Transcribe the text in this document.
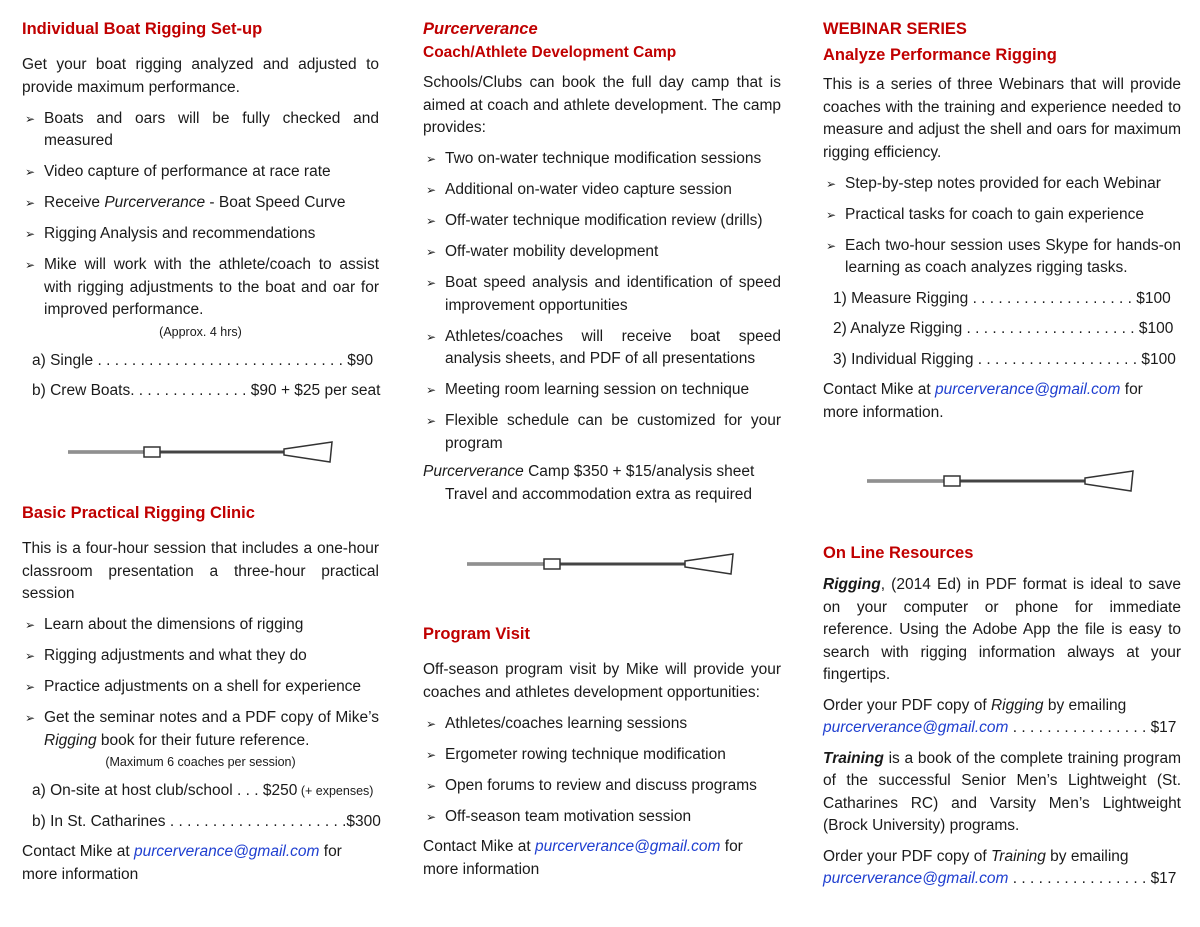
Individual Boat Rigging Set-up

Get your boat rigging analyzed and adjusted to provide maximum performance.

➢ Boats and oars will be fully checked and measured
➢ Video capture of performance at race rate
➢ Receive Purcerverance - Boat Speed Curve
➢ Rigging Analysis and recommendations
➢ Mike will work with the athlete/coach to assist with rigging adjustments to the boat and oar for improved performance.
(Approx. 4 hrs)
a) Single . . . . . . . . . . . . . . . . . . . . . . . . . . . . . $90
b) Crew Boats. . . . . . . . . . . . . . $90 + $25 per seat
Basic Practical Rigging Clinic

This is a four-hour session that includes a one-hour classroom presentation a three-hour practical session

➢ Learn about the dimensions of rigging
➢ Rigging adjustments and what they do
➢ Practice adjustments on a shell for experience
➢ Get the seminar notes and a PDF copy of Mike’s Rigging book for their future reference.
(Maximum 6 coaches per session)
a) On-site at host club/school . . . $250 (+ expenses)
b) In St. Catharines . . . . . . . . . . . . . . . . . . . . .$300

Contact Mike at purcerverance@gmail.com for
more information

Purcerverance
Coach/Athlete Development Camp

Schools/Clubs can book the full day camp that is aimed at coach and athlete development. The camp provides:

➢ Two on-water technique modification sessions
➢ Additional on-water video capture session
➢ Off-water technique modification review (drills)
➢ Off-water mobility development
➢ Boat speed analysis and identification of speed improvement opportunities
➢ Athletes/coaches will receive boat speed analysis sheets, and PDF of all presentations
➢ Meeting room learning session on technique
➢ Flexible schedule can be customized for your program

Purcerverance Camp $350 + $15/analysis sheet

Travel and accommodation extra as required

Program Visit

Off-season program visit by Mike will provide your coaches and athletes development opportunities:

➢ Athletes/coaches learning sessions
➢ Ergometer rowing technique modification
➢ Open forums to review and discuss programs
➢ Off-season team motivation session

Contact Mike at purcerverance@gmail.com for
more information

WEBINAR SERIES
Analyze Performance Rigging

This is a series of three Webinars that will provide coaches with the training and experience needed to measure and adjust the shell and oars for maximum rigging efficiency.

➢ Step-by-step notes provided for each Webinar
➢ Practical tasks for coach to gain experience
➢ Each two-hour session uses Skype for hands-on learning as coach analyzes rigging tasks.
1) Measure Rigging . . . . . . . . . . . . . . . . . . . $100
2) Analyze Rigging . . . . . . . . . . . . . . . . . . . . $100
3) Individual Rigging . . . . . . . . . . . . . . . . . . . $100

Contact Mike at purcerverance@gmail.com for
more information.

On Line Resources

Rigging, (2014 Ed) in PDF format is ideal to save on your computer or phone for immediate reference. Using the Adobe App the file is easy to search with rigging information always at your fingertips.

Order your PDF copy of Rigging by emailing

purcerverance@gmail.com . . . . . . . . . . . . . . . . $17

Training is a book of the complete training program of the successful Senior Men’s Lightweight (St. Catharines RC) and Varsity Men’s Lightweight (Brock University) programs.

Order your PDF copy of Training by emailing

purcerverance@gmail.com . . . . . . . . . . . . . . . . $17
